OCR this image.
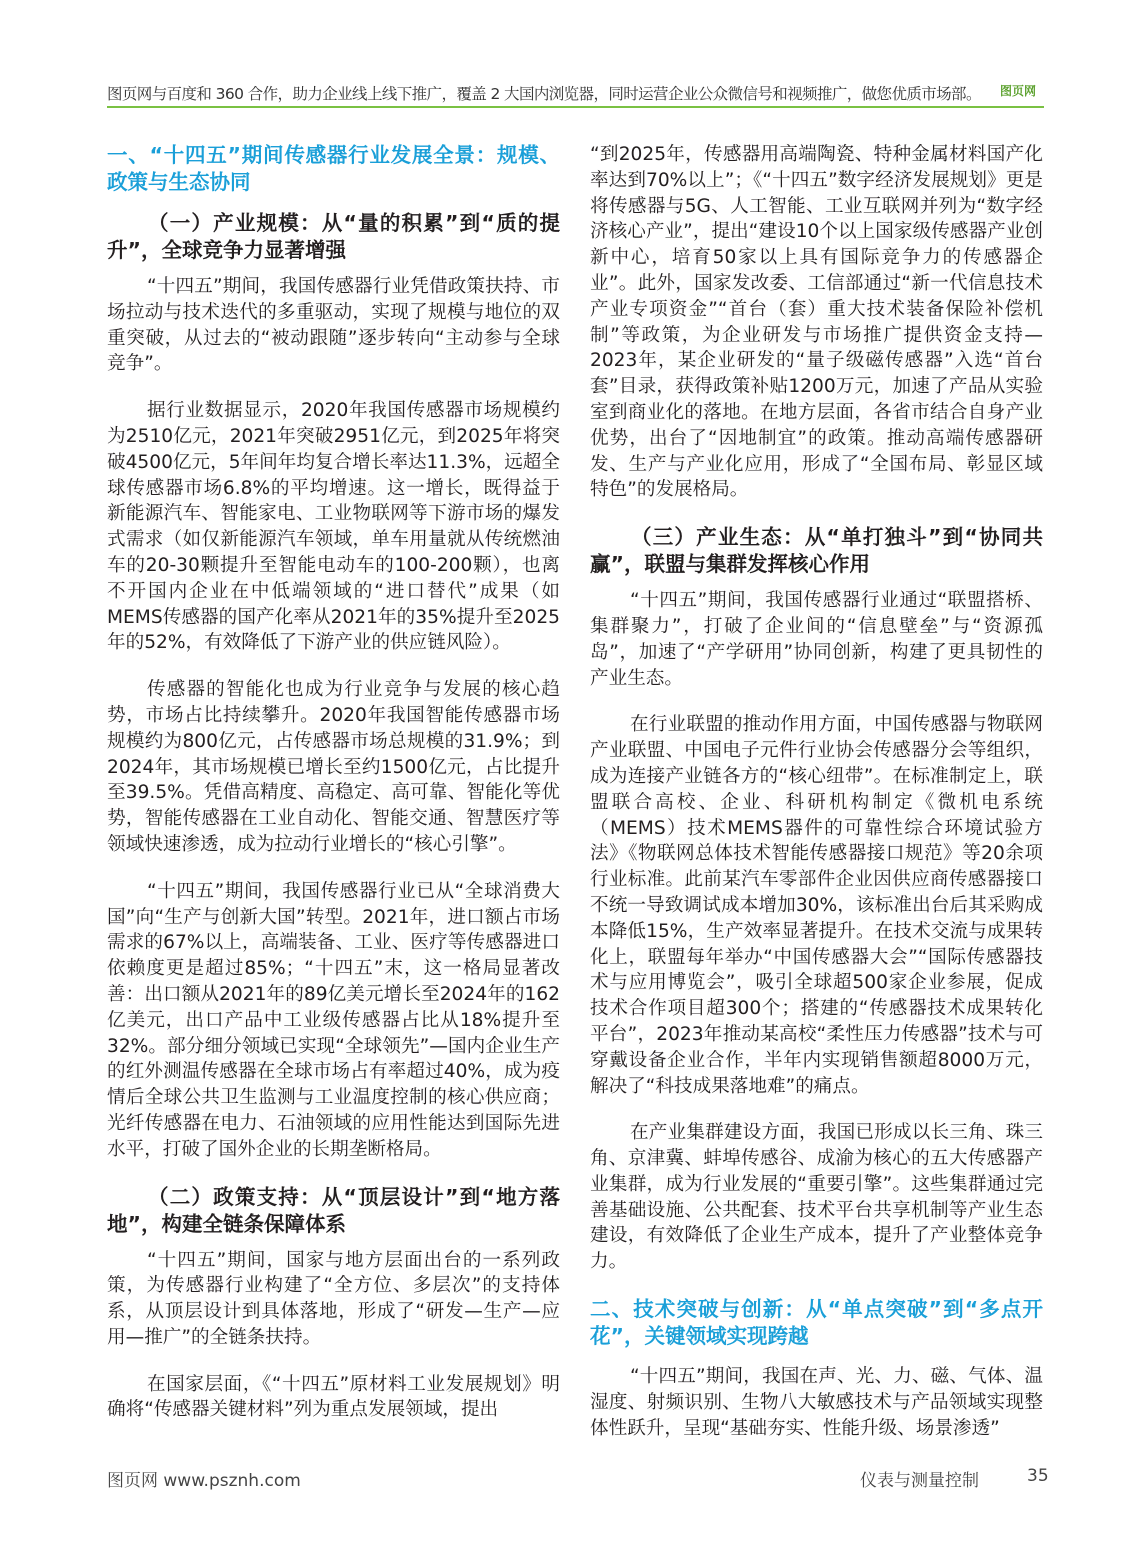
图页网与百度和 360 合作，助力企业线上线下推广，覆盖 2 大国内浏览器，同时运营企业公众微信号和视频推广，做您优质市场部。	图页网
一、“十四五”期间传感器行业发展全景：规模、政策与生态协同
（一）产业规模：从“量的积累”到“质的提升”，全球竞争力显著增强
“十四五”期间，我国传感器行业凭借政策扶持、市场拉动与技术迭代的多重驱动，实现了规模与地位的双重突破，从过去的“被动跟随”逐步转向“主动参与全球竞争”。
据行业数据显示，2020年我国传感器市场规模约为2510亿元，2021年突破2951亿元，到2025年将突破4500亿元，5年间年均复合增长率达11.3%，远超全球传感器市场6.8%的平均增速。这一增长，既得益于新能源汽车、智能家电、工业物联网等下游市场的爆发式需求（如仅新能源汽车领域，单车用量就从传统燃油车的20-30颗提升至智能电动车的100-200颗），也离不开国内企业在中低端领域的“进口替代”成果（如MEMS传感器的国产化率从2021年的35%提升至2025年的52%，有效降低了下游产业的供应链风险）。
传感器的智能化也成为行业竞争与发展的核心趋势，市场占比持续攀升。2020年我国智能传感器市场规模约为800亿元，占传感器市场总规模的31.9%；到2024年，其市场规模已增长至约1500亿元，占比提升至39.5%。凭借高精度、高稳定、高可靠、智能化等优势，智能传感器在工业自动化、智能交通、智慧医疗等领域快速渗透，成为拉动行业增长的“核心引擎”。
“十四五”期间，我国传感器行业已从“全球消费大国”向“生产与创新大国”转型。2021年，进口额占市场需求的67%以上，高端装备、工业、医疗等传感器进口依赖度更是超过85%；“十四五”末，这一格局显著改善：出口额从2021年的89亿美元增长至2024年的162亿美元，出口产品中工业级传感器占比从18%提升至32%。部分细分领域已实现“全球领先”—国内企业生产的红外测温传感器在全球市场占有率超过40%，成为疫情后全球公共卫生监测与工业温度控制的核心供应商；光纤传感器在电力、石油领域的应用性能达到国际先进水平，打破了国外企业的长期垄断格局。
（二）政策支持：从“顶层设计”到“地方落地”，构建全链条保障体系
“十四五”期间，国家与地方层面出台的一系列政策，为传感器行业构建了“全方位、多层次”的支持体系，从顶层设计到具体落地，形成了“研发—生产—应用—推广”的全链条扶持。
在国家层面，《“十四五”原材料工业发展规划》明确将“传感器关键材料”列为重点发展领域，提出
“到2025年，传感器用高端陶瓷、特种金属材料国产化率达到70%以上”；《“十四五”数字经济发展规划》更是将传感器与5G、人工智能、工业互联网并列为“数字经济核心产业”，提出“建设10个以上国家级传感器产业创新中心，培育50家以上具有国际竞争力的传感器企业”。此外，国家发改委、工信部通过“新一代信息技术产业专项资金”“首台（套）重大技术装备保险补偿机制”等政策，为企业研发与市场推广提供资金支持—2023年，某企业研发的“量子级磁传感器”入选“首台套”目录，获得政策补贴1200万元，加速了产品从实验室到商业化的落地。在地方层面，各省市结合自身产业优势，出台了“因地制宜”的政策。推动高端传感器研发、生产与产业化应用，形成了“全国布局、彰显区域特色”的发展格局。
（三）产业生态：从“单打独斗”到“协同共赢”，联盟与集群发挥核心作用
“十四五”期间，我国传感器行业通过“联盟搭桥、集群聚力”，打破了企业间的“信息壁垒”与“资源孤岛”，加速了“产学研用”协同创新，构建了更具韧性的产业生态。
在行业联盟的推动作用方面，中国传感器与物联网产业联盟、中国电子元件行业协会传感器分会等组织，成为连接产业链各方的“核心纽带”。在标准制定上，联盟联合高校、企业、科研机构制定《微机电系统（MEMS）技术MEMS器件的可靠性综合环境试验方法》《物联网总体技术智能传感器接口规范》等20余项行业标准。此前某汽车零部件企业因供应商传感器接口不统一导致调试成本增加30%，该标准出台后其采购成本降低15%，生产效率显著提升。在技术交流与成果转化上，联盟每年举办“中国传感器大会”“国际传感器技术与应用博览会”，吸引全球超500家企业参展，促成技术合作项目超300个；搭建的“传感器技术成果转化平台”，2023年推动某高校“柔性压力传感器”技术与可穿戴设备企业合作，半年内实现销售额超8000万元，解决了“科技成果落地难”的痛点。
在产业集群建设方面，我国已形成以长三角、珠三角、京津冀、蚌埠传感谷、成渝为核心的五大传感器产业集群，成为行业发展的“重要引擎”。这些集群通过完善基础设施、公共配套、技术平台共享机制等产业生态建设，有效降低了企业生产成本，提升了产业整体竞争力。
二、技术突破与创新：从“单点突破”到“多点开花”，关键领域实现跨越
“十四五”期间，我国在声、光、力、磁、气体、温湿度、射频识别、生物八大敏感技术与产品领域实现整体性跃升，呈现“基础夯实、性能升级、场景渗透”
图页网 www.psznh.com	仪表与测量控制	35
